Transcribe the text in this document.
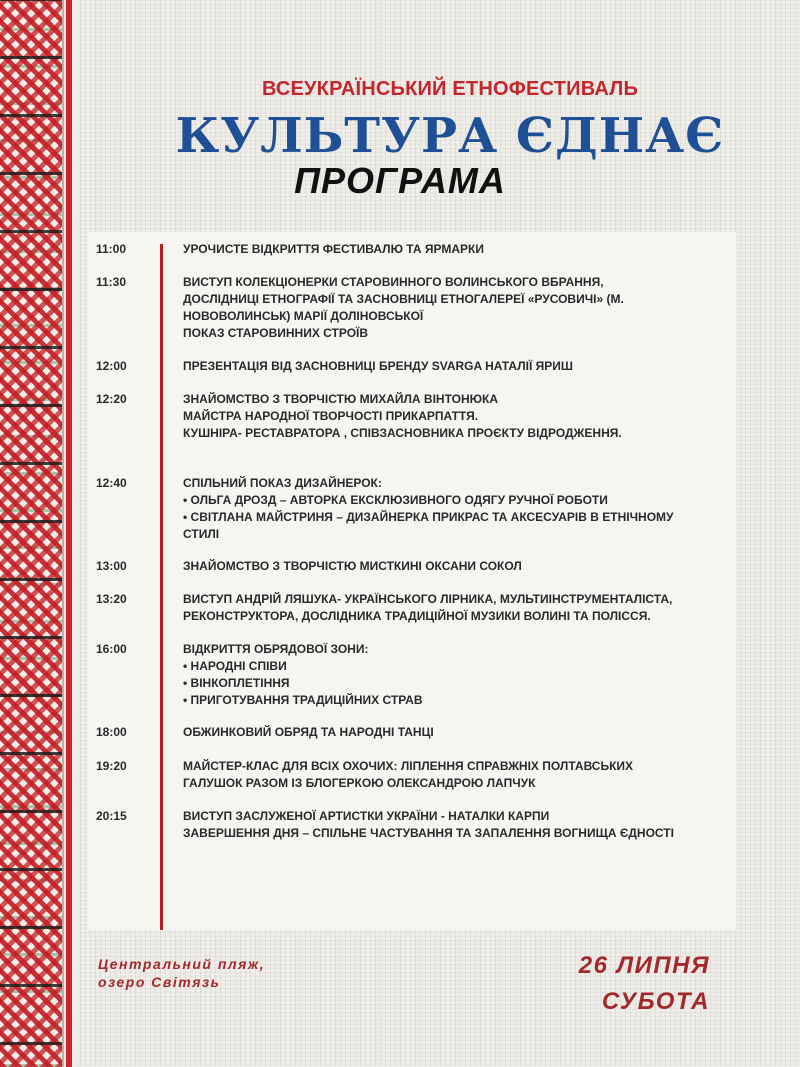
ВСЕУКРАЇНСЬКИЙ ЕТНОФЕСТИВАЛЬ
КУЛЬТУРА ЄДНАЄ
ПРОГРАМА
11:00	УРОЧИСТЕ ВІДКРИТТЯ ФЕСТИВАЛЮ ТА ЯРМАРКИ
11:30	ВИСТУП КОЛЕКЦІОНЕРКИ СТАРОВИННОГО ВОЛИНСЬКОГО ВБРАННЯ,
ДОСЛІДНИЦІ ЕТНОГРАФІЇ ТА ЗАСНОВНИЦІ ЕТНОГАЛЕРЕЇ «РУСОВИЧІ» (М.
НОВОВОЛИНСЬК) МАРІЇ ДОЛІНОВСЬКОЇ
ПОКАЗ СТАРОВИННИХ СТРОЇВ
12:00	ПРЕЗЕНТАЦІЯ ВІД ЗАСНОВНИЦІ БРЕНДУ SVARGA НАТАЛІЇ ЯРИШ
12:20	ЗНАЙОМСТВО З ТВОРЧІСТЮ МИХАЙЛА ВІНТОНЮКА
МАЙСТРА НАРОДНОЇ ТВОРЧОСТІ ПРИКАРПАТТЯ.
КУШНІРА- РЕСТАВРАТОРА , СПІВЗАСНОВНИКА ПРОЄКТУ ВІДРОДЖЕННЯ.
12:40	СПІЛЬНИЙ ПОКАЗ ДИЗАЙНЕРОК:
• ОЛЬГА ДРОЗД – АВТОРКА ЕКСКЛЮЗИВНОГО ОДЯГУ РУЧНОЇ РОБОТИ
• СВІТЛАНА МАЙСТРИНЯ – ДИЗАЙНЕРКА ПРИКРАС ТА АКСЕСУАРІВ В ЕТНІЧНОМУ
СТИЛІ
13:00	ЗНАЙОМСТВО З ТВОРЧІСТЮ МИСТКИНІ ОКСАНИ СОКОЛ
13:20	ВИСТУП АНДРІЙ ЛЯШУКА- УКРАЇНСЬКОГО ЛІРНИКА, МУЛЬТИІНСТРУМЕНТАЛІСТА,
РЕКОНСТРУКТОРА, ДОСЛІДНИКА ТРАДИЦІЙНОЇ МУЗИКИ ВОЛИНІ ТА ПОЛІССЯ.
16:00	ВІДКРИТТЯ ОБРЯДОВОЇ ЗОНИ:
• НАРОДНІ СПІВИ
• ВІНКОПЛЕТІННЯ
• ПРИГОТУВАННЯ ТРАДИЦІЙНИХ СТРАВ
18:00	ОБЖИНКОВИЙ ОБРЯД ТА НАРОДНІ ТАНЦІ
19:20	МАЙСТЕР-КЛАС ДЛЯ ВСІХ ОХОЧИХ: ЛІПЛЕННЯ СПРАВЖНІХ ПОЛТАВСЬКИХ
ГАЛУШОК РАЗОМ ІЗ БЛОГЕРКОЮ ОЛЕКСАНДРОЮ ЛАПЧУК
20:15	ВИСТУП ЗАСЛУЖЕНОЇ АРТИСТКИ УКРАЇНИ - НАТАЛКИ КАРПИ
ЗАВЕРШЕННЯ ДНЯ – СПІЛЬНЕ ЧАСТУВАННЯ ТА ЗАПАЛЕННЯ ВОГНИЩА ЄДНОСТІ
Центральний пляж,
озеро Світязь
26 ЛИПНЯ
СУБОТА
